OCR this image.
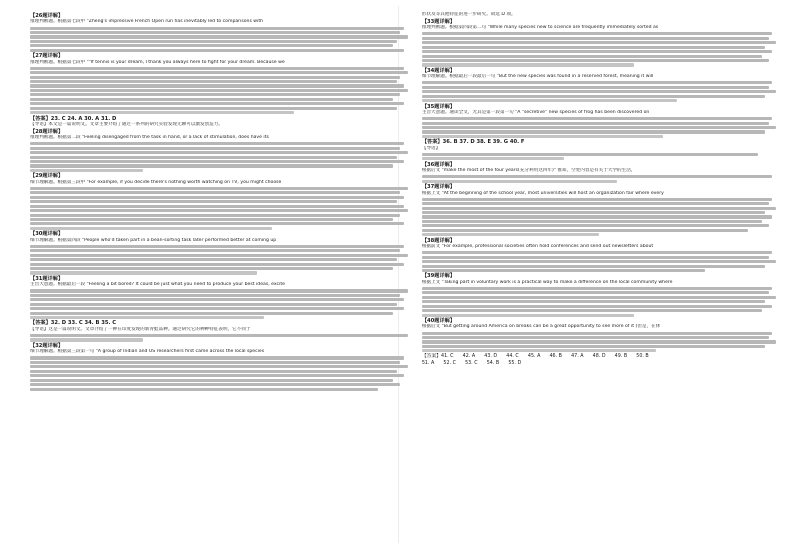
【26题详解】
推理判断题。根据第七段中 "Zheng's impressive French Open run has inevitably led to comparisons with
【27题详解】
推理判断题。根据第七段中 ""If tennis is your dream, I thank you always here to fight for your dream. Because we
【答案】23. C 24. A 30. A 31. D
【导语】本文是一篇说明文。文章主要介绍了通过一系列的研究实验发现无聊可以激发创造力。
【28题详解】
推理判断题。根据第二段 "Feeling disengaged from the task in hand, or a lack of stimulation, does have its
【29题详解】
细节理解题。根据第三段中 "For example, if you decide there's nothing worth watching on TV, you might choose
【30题详解】
细节理解题。根据第四段 "People who'd taken part in a bean-sorting task later performed better at coming up
【31题详解】
主旨大意题。根据最后一段 "Feeling a bit bored? It could be just what you need to produce your best ideas, excite
【答案】32. D 33. C 34. B 35. C
【导语】这是一篇说明文。文章介绍了一种在印度发现的新青蛙品种。通过研究它的种种特征表明，它不同于
【32题详解】
细节理解题。根据第三段第一句 "A group of Indian and US researchers first came across the local species
形状及等其他特征的进一步研究。故选 D 项。
【33题详解】
推理判断题。根据第四段第二句 "While many species new to science are frequently immediately sorted as
【34题详解】
细节理解题。根据最后一段最后一句 "But the new species was found in a reserved forest, meaning it will
【35题详解】
主旨大意题。通读全文，尤其是第一段第一句 "A "secretive" new species of frog has been discovered on
【答案】36. B 37. D 38. E 39. G 40. F
【导语】
【36题详解】
根据后文 "make the most of the four years(充分利用这四年)" 推知，空处内容是有关于大学的生活，
【37题详解】
根据上文 "At the beginning of the school year, most universities will host an organization fair where every
【38题详解】
根据前文 "For example, professional societies often hold conferences and send out newsletters about
【39题详解】
根据上文 "Taking part in voluntary work is a practical way to make a difference on the local community where
【40题详解】
根据后文 "But getting around America on breaks can be a great opportunity to see more of it (但是，在休
【答案】41. C      42. A      43. D      44. C      45. A      46. B      47. A      48. D      49. B      50. B
51. A      52. C      53. C      54. B      55. D
